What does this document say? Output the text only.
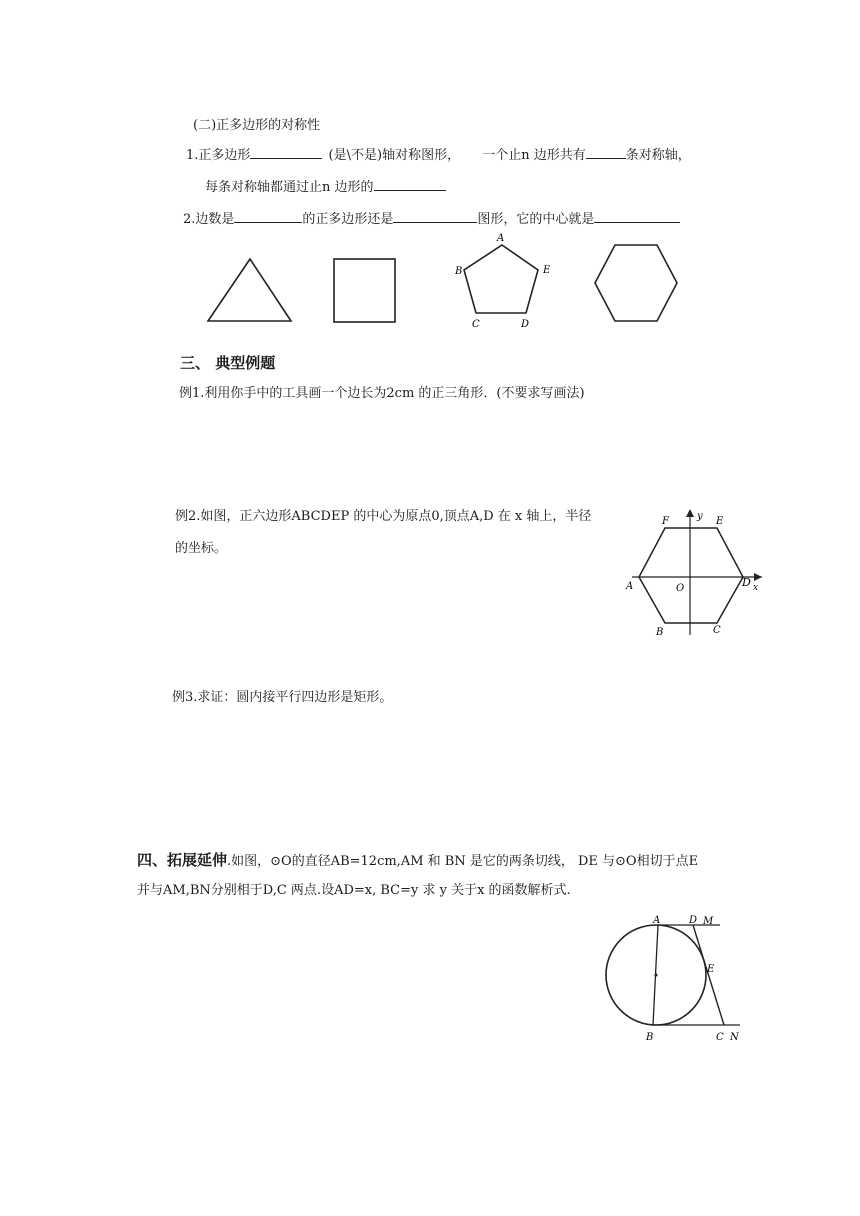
(二)正多边形的对称性
1.正多边形	(是\不是)轴对称图形， 一个止n 边形共有	条对称轴，
每条对称轴都通过止n 边形的
2.边数是	的正多边形还是	图形，它的中心就是
A
B	E
C	D
三、 典型例题
例1.利用你手中的工具画一个边长为2cm 的正三角形．(不要求写画法)
例2.如图，正六边形ABCDEP 的中心为原点0,顶点A,D 在 x 轴上，半径
的坐标。
F	y E
A	O	D x
B	C
例3.求证：圆内接平行四边形是矩形。
四、拓展延伸.如图，⊙O的直径AB=12cm,AM 和 BN 是它的两条切线， DE 与⊙O相切于点E
并与AM,BN分别相于D,C 两点.设AD=x, BC=y 求 y 关于x 的函数解析式.
A	D M
E
B	C N
